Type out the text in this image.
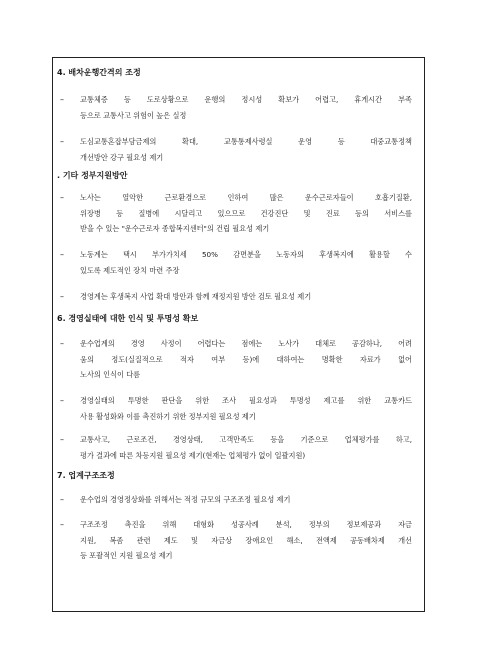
4. 배차운행간격의 조정
– 교통체증 등 도로상황으로 운행의 정시성 확보가 어렵고, 휴게시간 부족
등으로 교통사고 위험이 높은 실정
– 도심교통혼잡부담금제의 확대, 교통통제사령실 운영 등 대중교통정책
개선방안 강구 필요성 제기
. 기타 정부지원방안
– 노사는 열악한 근로환경으로 인하여 많은 운수근로자들이 호흡기질환,
위장병 등 질병에 시달리고 있으므로 건강진단 및 진료 등의 서비스를
받을 수 있는 "운수근로자 종합복지센터"의 건립 필요성 제기
– 노동계는 택시 부가가치세 50% 감면분을 노동자의 후생복지에 활용할 수
있도록 제도적인 장치 마련 주장
– 경영계는 후생복지 사업 확대 방안과 함께 재정지원 방안 검토 필요성 제기
6. 경영실태에 대한 인식 및 투명성 확보
– 운수업계의 경영 사정이 어렵다는 점에는 노사가 대체로 공감하나, 어려
움의 정도(실질적으로 적자 여부 등)에 대하여는 명확한 자료가 없어
노사의 인식이 다름
– 경영실태의 투명한 판단을 위한 조사 필요성과 투명성 제고를 위한 교통카드
사용 활성화와 이를 촉진하기 위한 정부지원 필요성 제기
– 교통사고, 근로조건, 경영상태, 고객만족도 등을 기준으로 업체평가를 하고,
평가 결과에 따른 차등지원 필요성 제기(현재는 업체평가 없이 일괄지원)
7. 업계구조조정
– 운수업의 경영정상화를 위해서는 적정 규모의 구조조정 필요성 제기
– 구조조정 촉진을 위해 대형화 성공사례 분석, 정부의 정보제공과 자금
지원, 복좀 관련 제도 및 자금상 장애요인 해소, 전액제 공동배차제 개선
등 포괄적인 지원 필요성 제기
